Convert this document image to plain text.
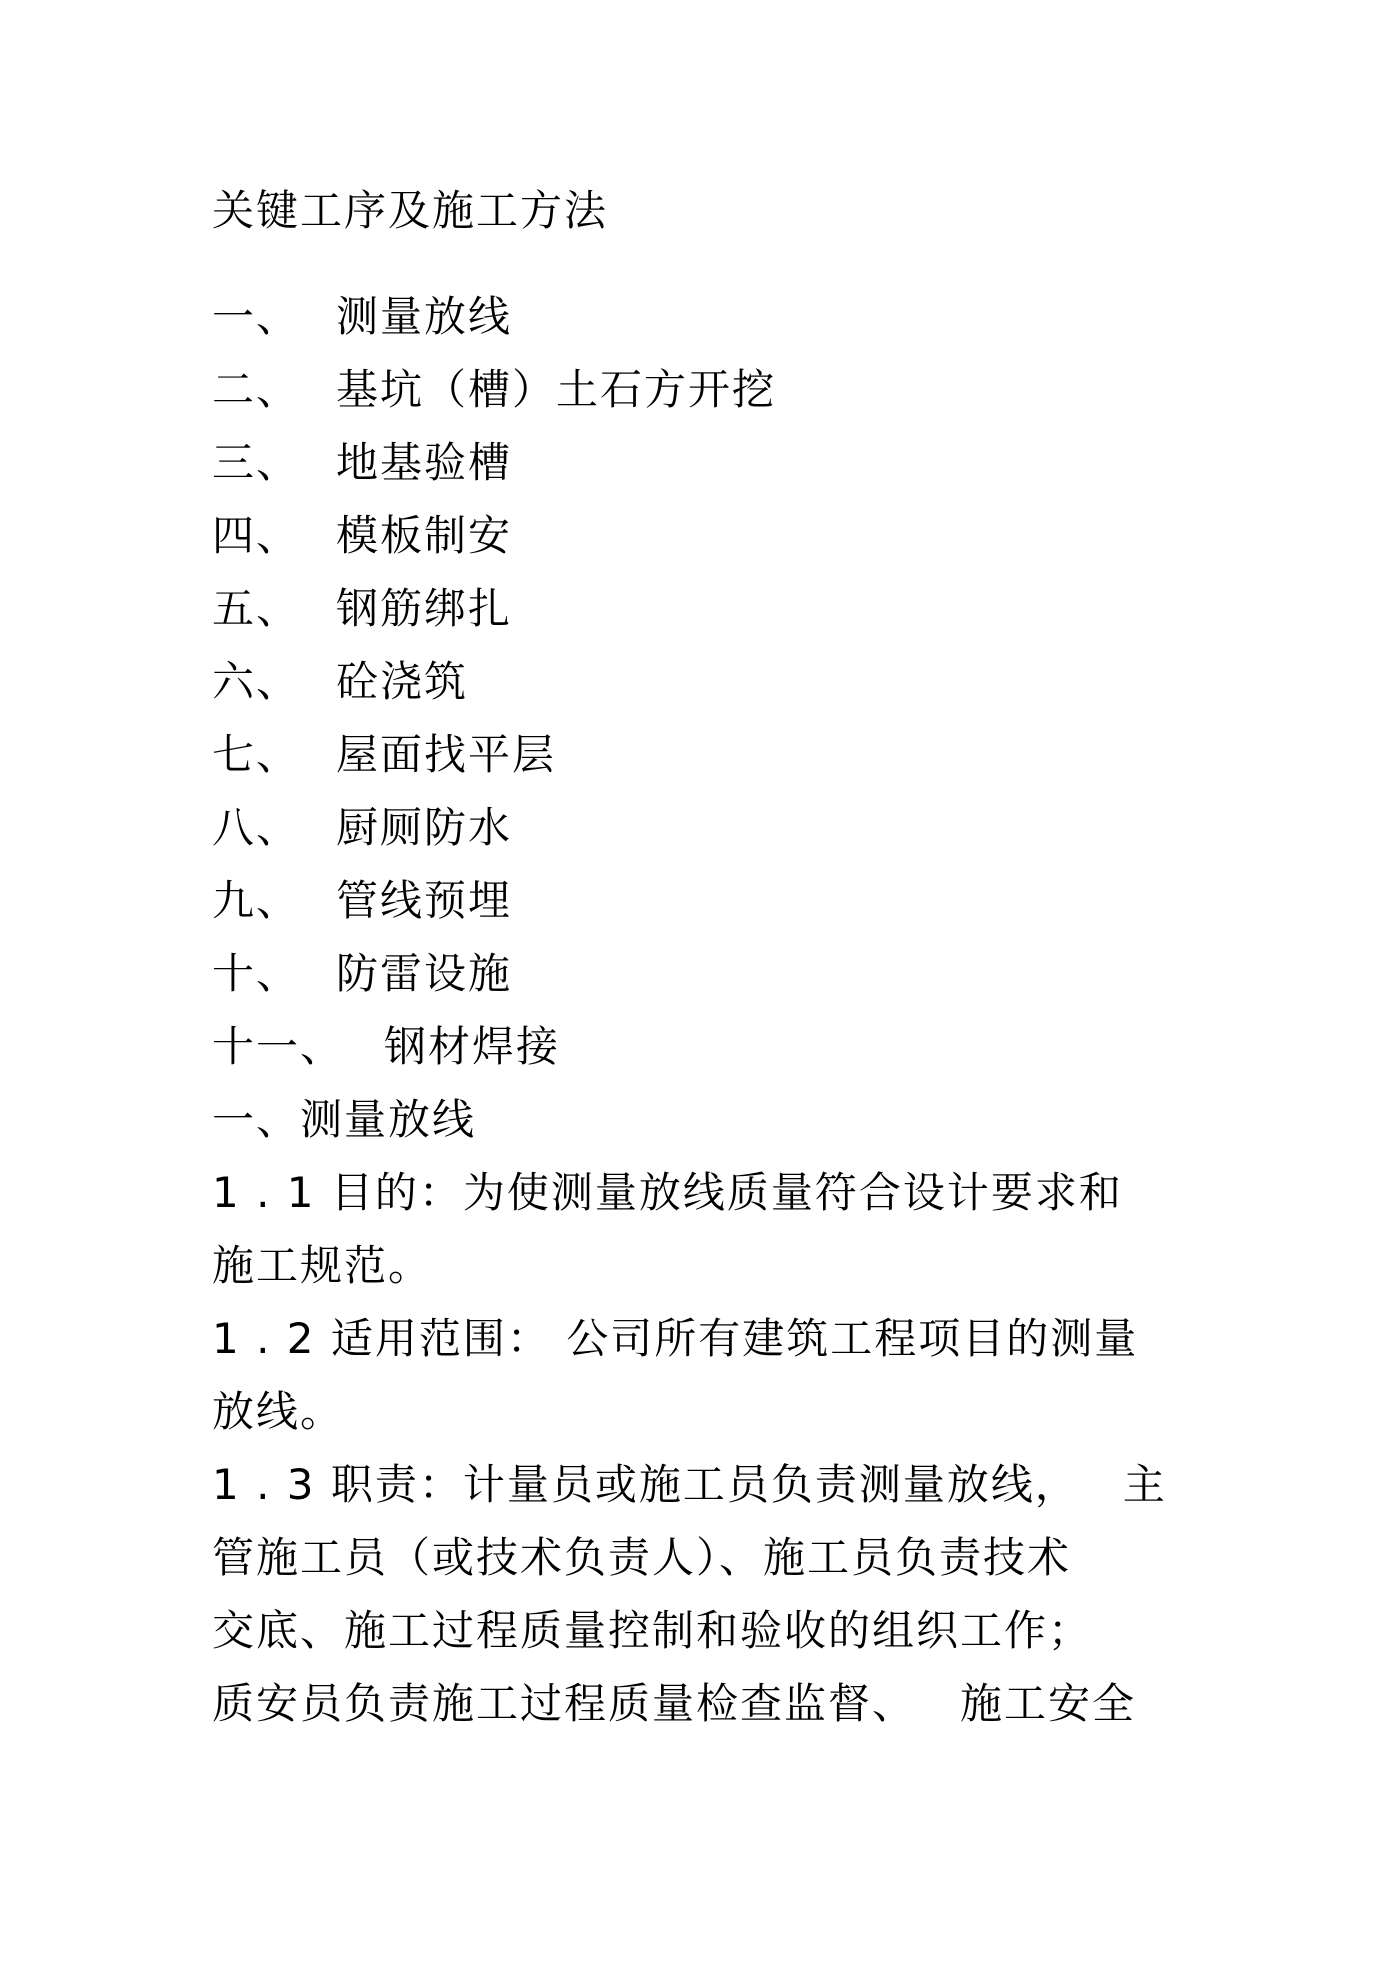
关键工序及施工方法
一、 测量放线
二、 基坑（槽）土石方开挖
三、 地基验槽
四、 模板制安
五、 钢筋绑扎
六、 砼浇筑
七、 屋面找平层
八、 厨厕防水
九、 管线预埋
十、 防雷设施
十一、 钢材焊接
一、测量放线
1 . 1 目的：为使测量放线质量符合设计要求和
施工规范。
1 . 2 适用范围： 公司所有建筑工程项目的测量
放线。
1 . 3 职责：计量员或施工员负责测量放线， 主
管施工员（或技术负责人）、施工员负责技术
交底、施工过程质量控制和验收的组织工作；
质安员负责施工过程质量检查监督、 施工安全
